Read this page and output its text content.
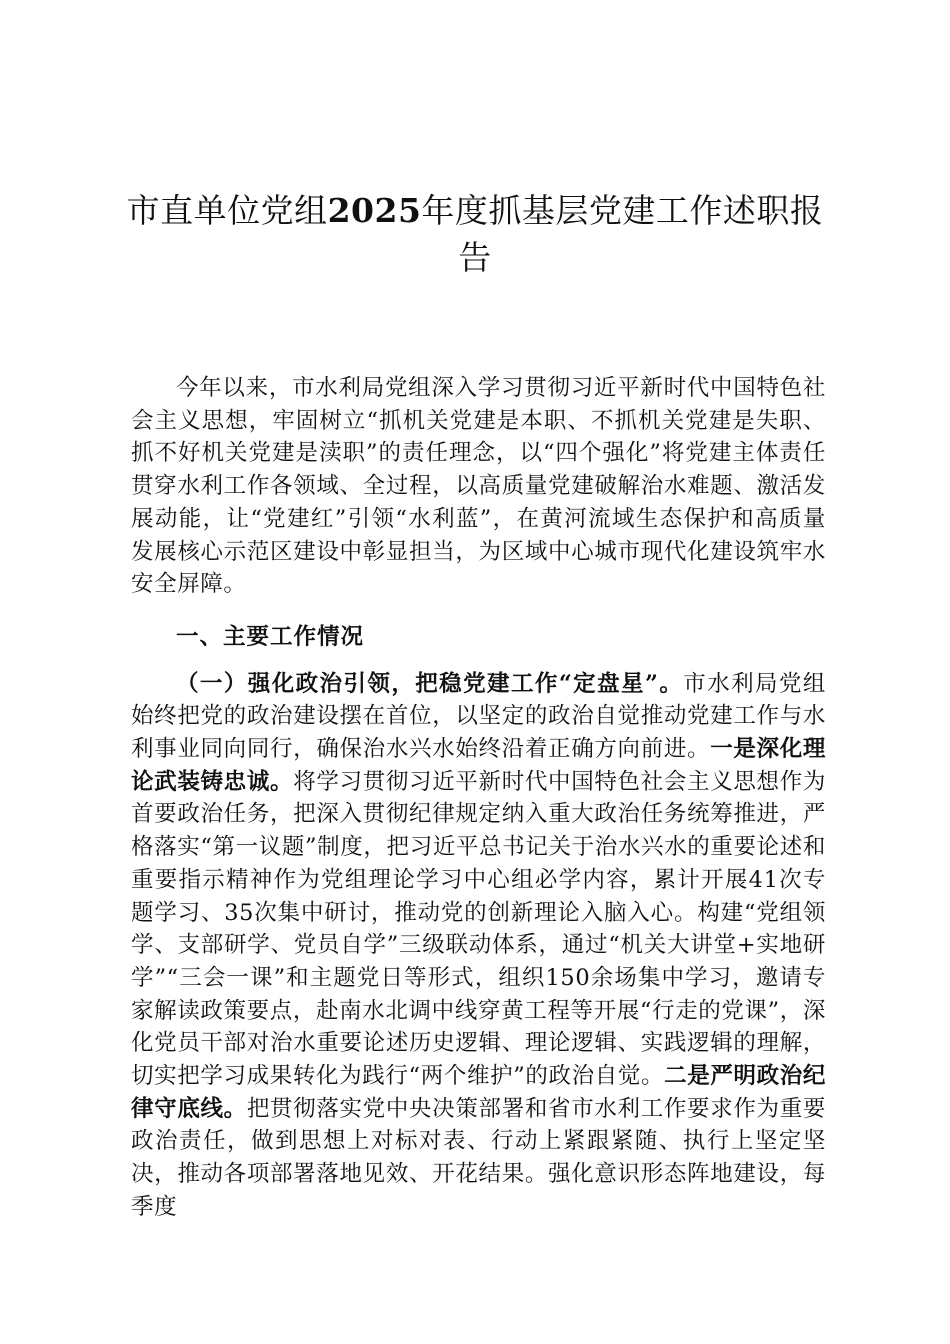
市直单位党组2025年度抓基层党建工作述职报告

今年以来，市水利局党组深入学习贯彻习近平新时代中国特色社会主义思想，牢固树立“抓机关党建是本职、不抓机关党建是失职、抓不好机关党建是渎职”的责任理念，以“四个强化”将党建主体责任贯穿水利工作各领域、全过程，以高质量党建破解治水难题、激活发展动能，让“党建红”引领“水利蓝”，在黄河流域生态保护和高质量发展核心示范区建设中彰显担当，为区域中心城市现代化建设筑牢水安全屏障。

一、主要工作情况

（一）强化政治引领，把稳党建工作“定盘星”。市水利局党组始终把党的政治建设摆在首位，以坚定的政治自觉推动党建工作与水利事业同向同行，确保治水兴水始终沿着正确方向前进。一是深化理论武装铸忠诚。将学习贯彻习近平新时代中国特色社会主义思想作为首要政治任务，把深入贯彻纪律规定纳入重大政治任务统筹推进，严格落实“第一议题”制度，把习近平总书记关于治水兴水的重要论述和重要指示精神作为党组理论学习中心组必学内容，累计开展41次专题学习、35次集中研讨，推动党的创新理论入脑入心。构建“党组领学、支部研学、党员自学”三级联动体系，通过“机关大讲堂+实地研学”“三会一课”和主题党日等形式，组织150余场集中学习，邀请专家解读政策要点，赴南水北调中线穿黄工程等开展“行走的党课”，深化党员干部对治水重要论述历史逻辑、理论逻辑、实践逻辑的理解，切实把学习成果转化为践行“两个维护”的政治自觉。二是严明政治纪律守底线。把贯彻落实党中央决策部署和省市水利工作要求作为重要政治责任，做到思想上对标对表、行动上紧跟紧随、执行上坚定坚决，推动各项部署落地见效、开花结果。强化意识形态阵地建设，每季度
